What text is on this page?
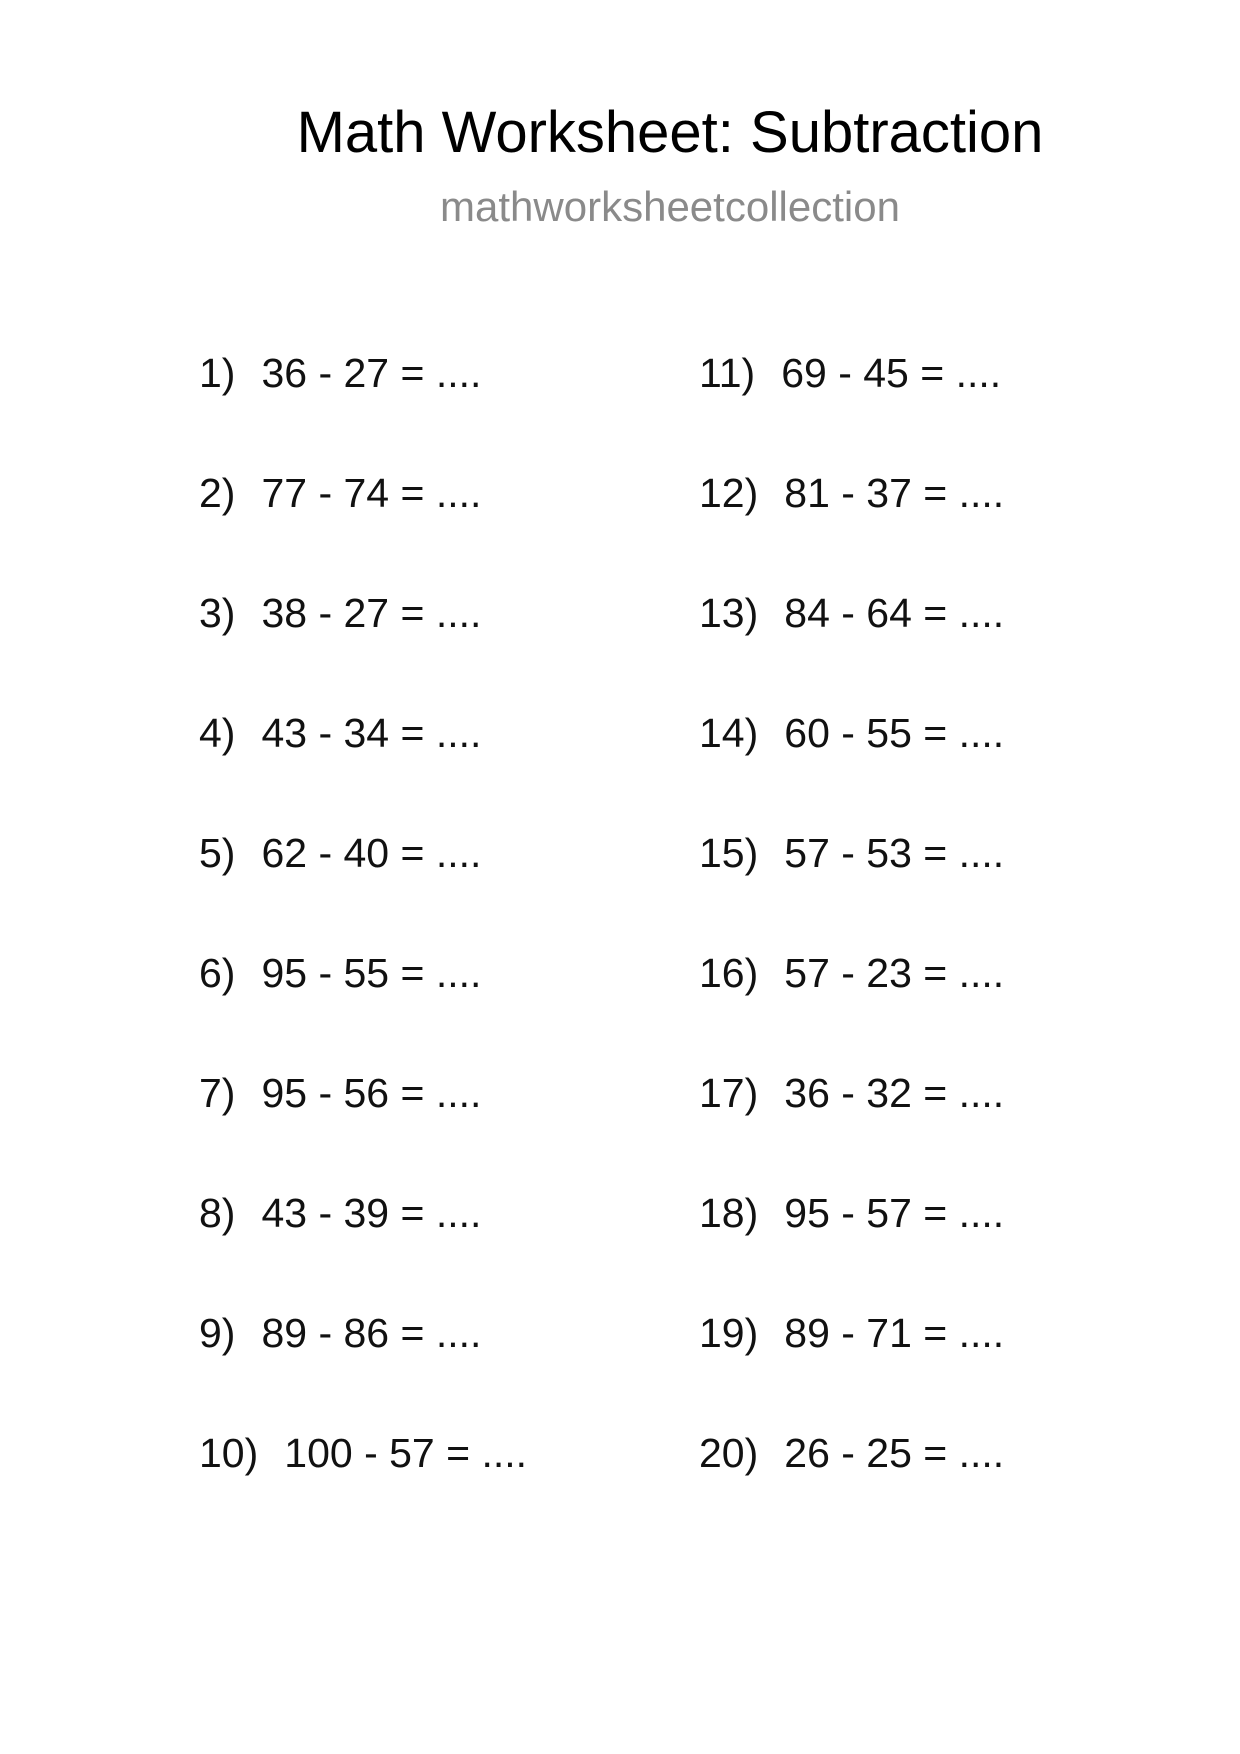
Math Worksheet: Subtraction
mathworksheetcollection
1) 36 - 27 = ....
2) 77 - 74 = ....
3) 38 - 27 = ....
4) 43 - 34 = ....
5) 62 - 40 = ....
6) 95 - 55 = ....
7) 95 - 56 = ....
8) 43 - 39 = ....
9) 89 - 86 = ....
10) 100 - 57 = ....
11) 69 - 45 = ....
12) 81 - 37 = ....
13) 84 - 64 = ....
14) 60 - 55 = ....
15) 57 - 53 = ....
16) 57 - 23 = ....
17) 36 - 32 = ....
18) 95 - 57 = ....
19) 89 - 71 = ....
20) 26 - 25 = ....
